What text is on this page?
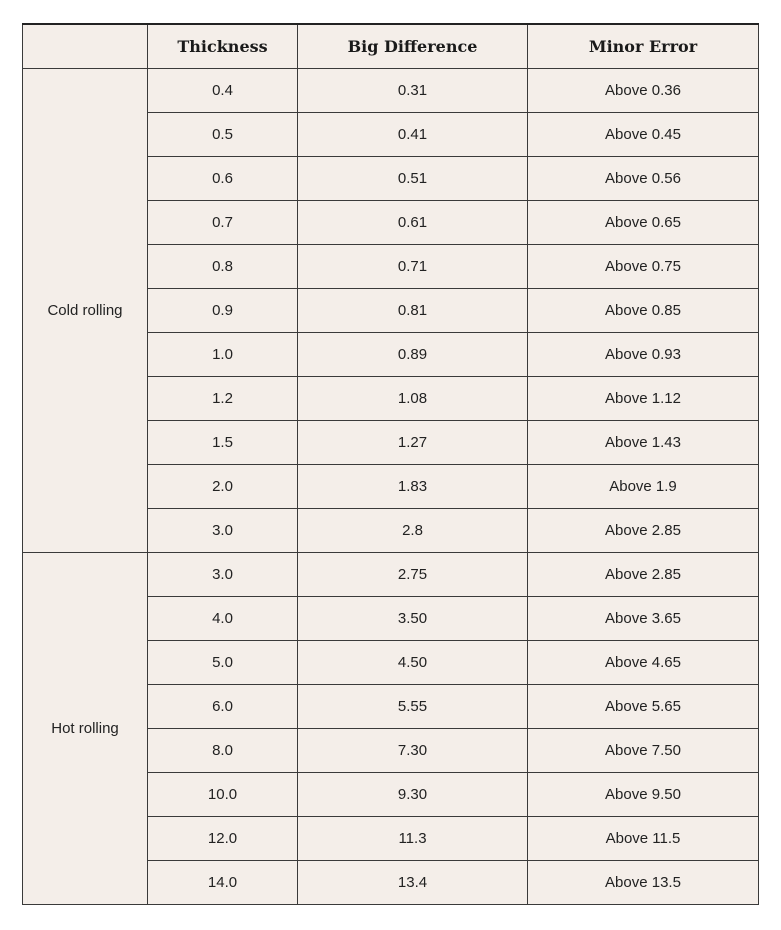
	Thickness	Big Difference	Minor Error
Cold rolling	0.4	0.31	Above 0.36
	0.5	0.41	Above 0.45
	0.6	0.51	Above 0.56
	0.7	0.61	Above 0.65
	0.8	0.71	Above 0.75
	0.9	0.81	Above 0.85
	1.0	0.89	Above 0.93
	1.2	1.08	Above 1.12
	1.5	1.27	Above 1.43
	2.0	1.83	Above 1.9
	3.0	2.8	Above 2.85
Hot rolling	3.0	2.75	Above 2.85
	4.0	3.50	Above 3.65
	5.0	4.50	Above 4.65
	6.0	5.55	Above 5.65
	8.0	7.30	Above 7.50
	10.0	9.30	Above 9.50
	12.0	11.3	Above 11.5
	14.0	13.4	Above 13.5
